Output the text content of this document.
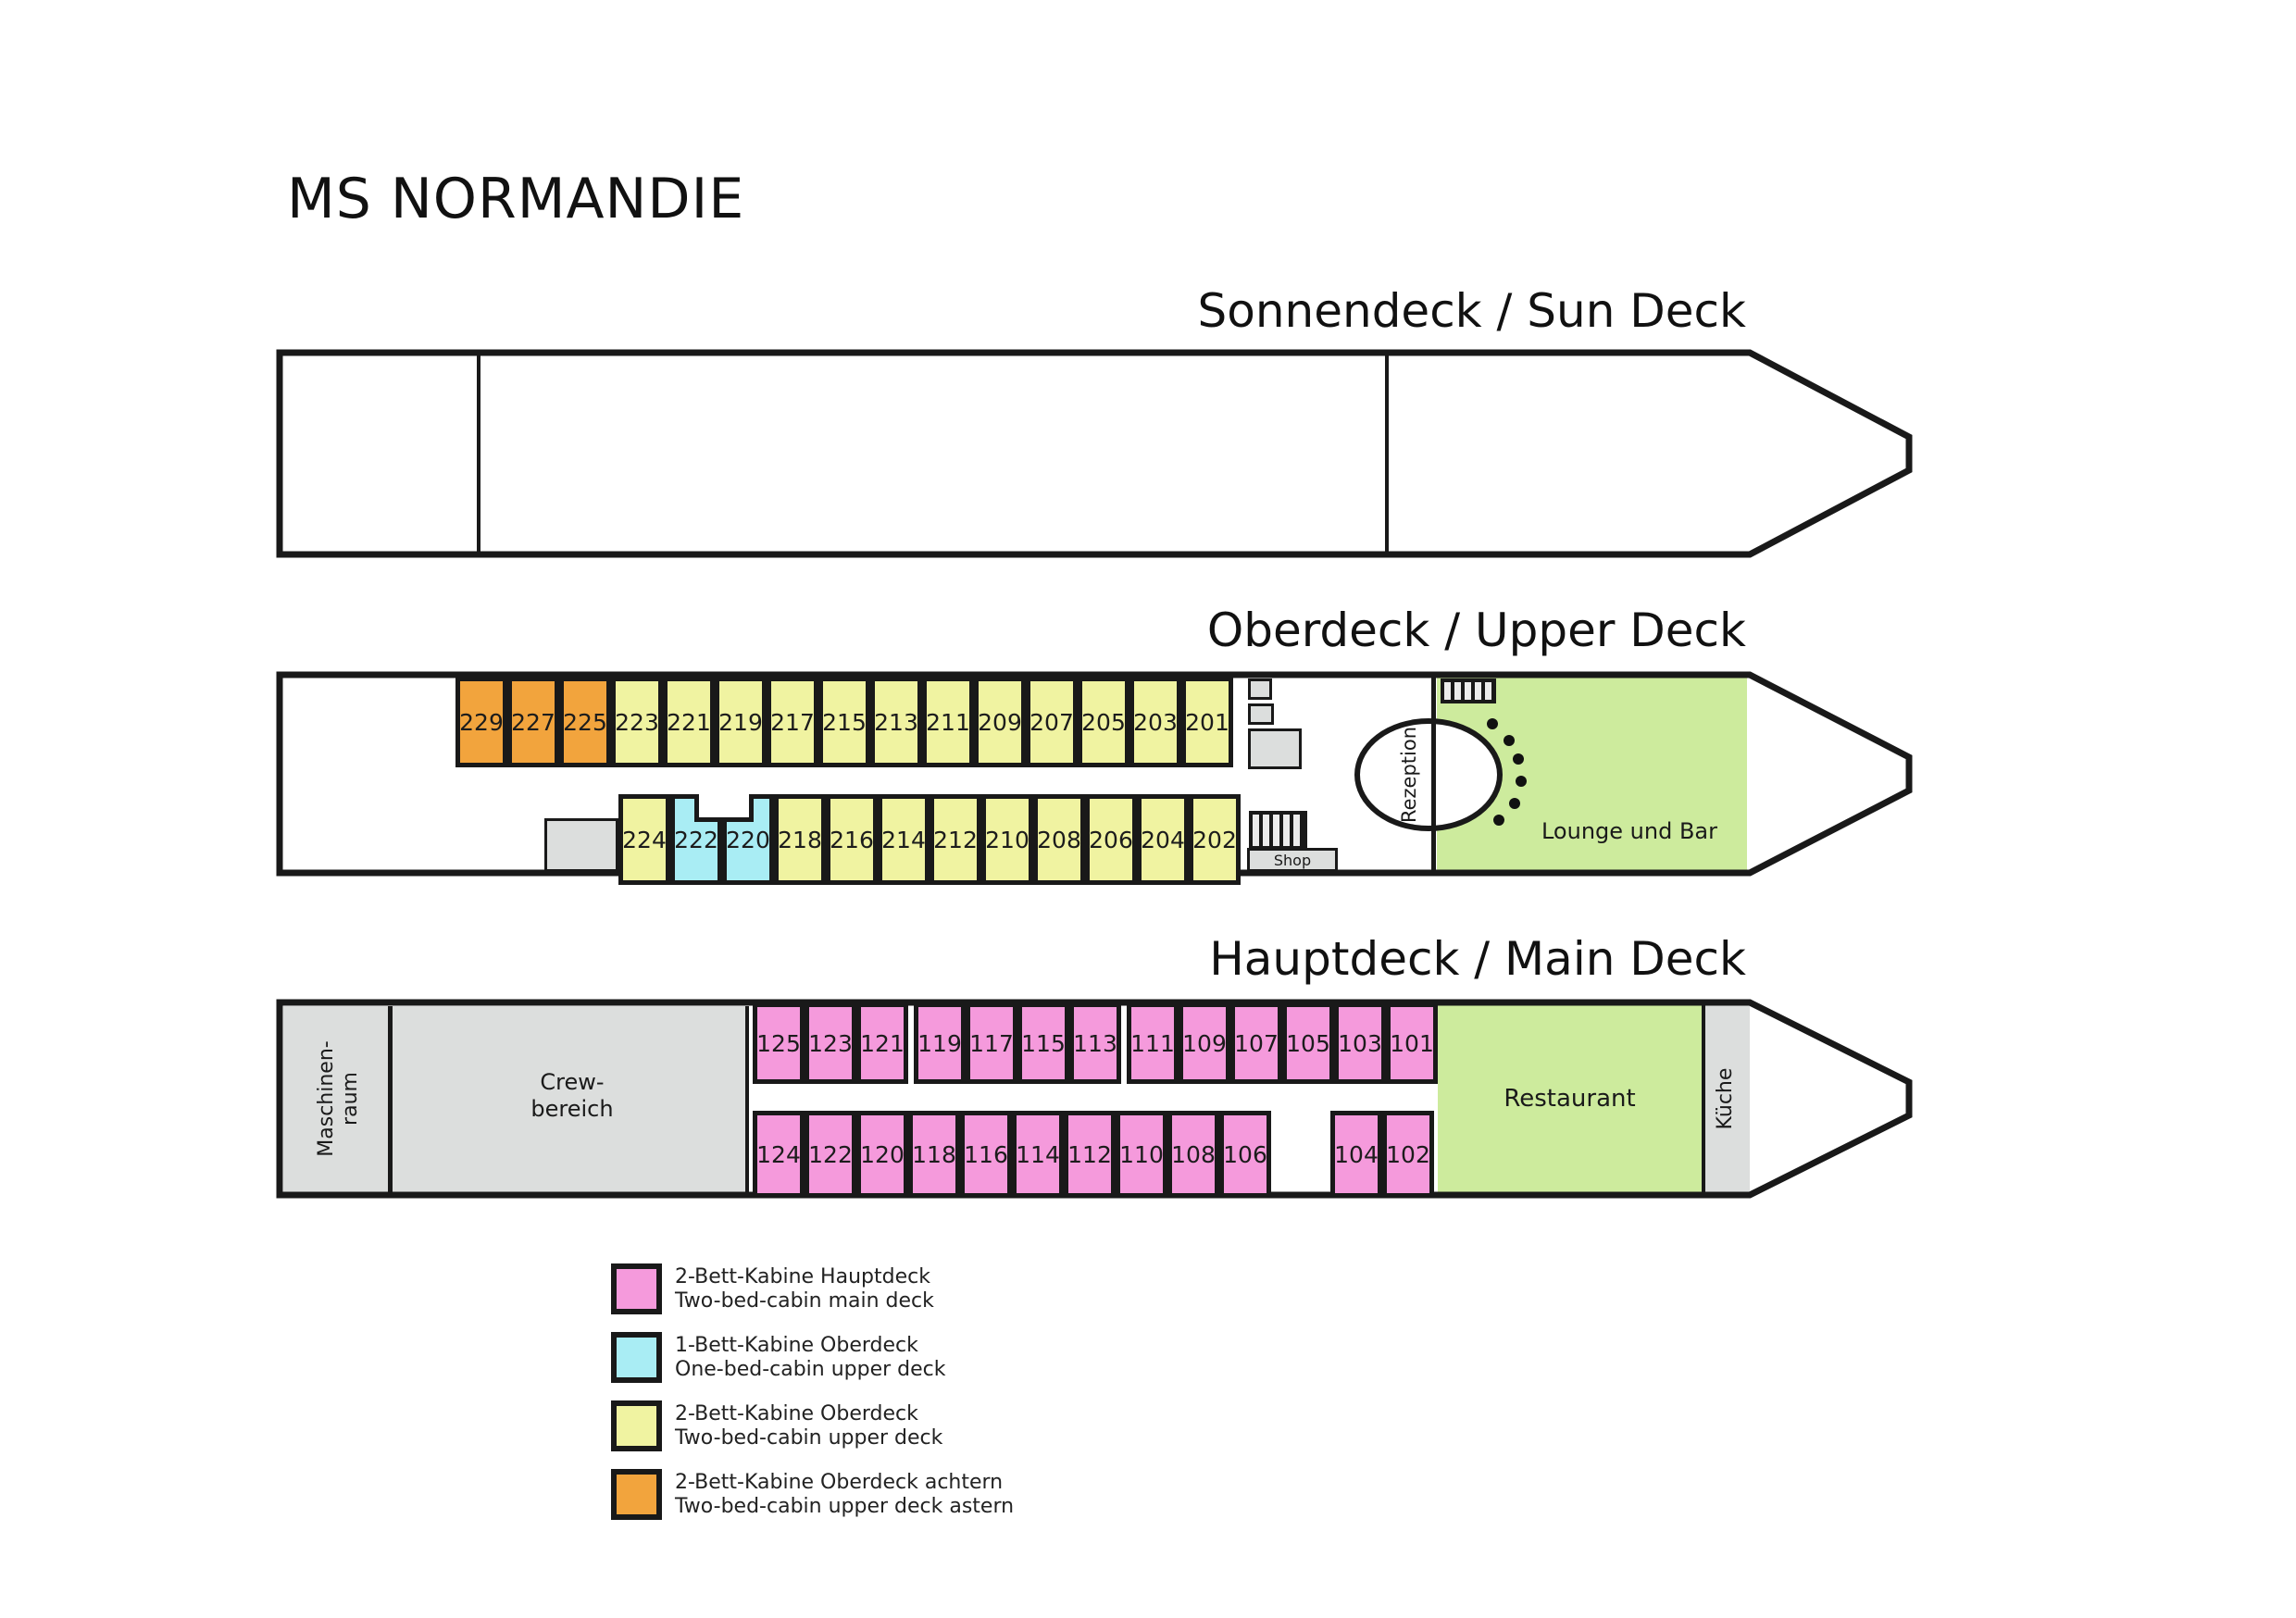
MS NORMANDIE
Sonnendeck / Sun Deck
Oberdeck / Upper Deck
Hauptdeck / Main Deck
Shop
Rezeption
229 227 225 223 221 219 217 215 213 211 209 207 205 203 201
224 222 220 218 216 214 212 210 208 206 204 202
125 123 121 119 117 115 113 111 109 107 105 103 101
124 122 120 118 116 114 112 110 108 106	104 102
Lounge und Bar
Restaurant	Küche
Maschinen- raum	Crew-
bereich
2-Bett-Kabine Hauptdeck
Two-bed-cabin main deck
1-Bett-Kabine Oberdeck
One-bed-cabin upper deck
2-Bett-Kabine Oberdeck
Two-bed-cabin upper deck
2-Bett-Kabine Oberdeck achtern
Two-bed-cabin upper deck astern
